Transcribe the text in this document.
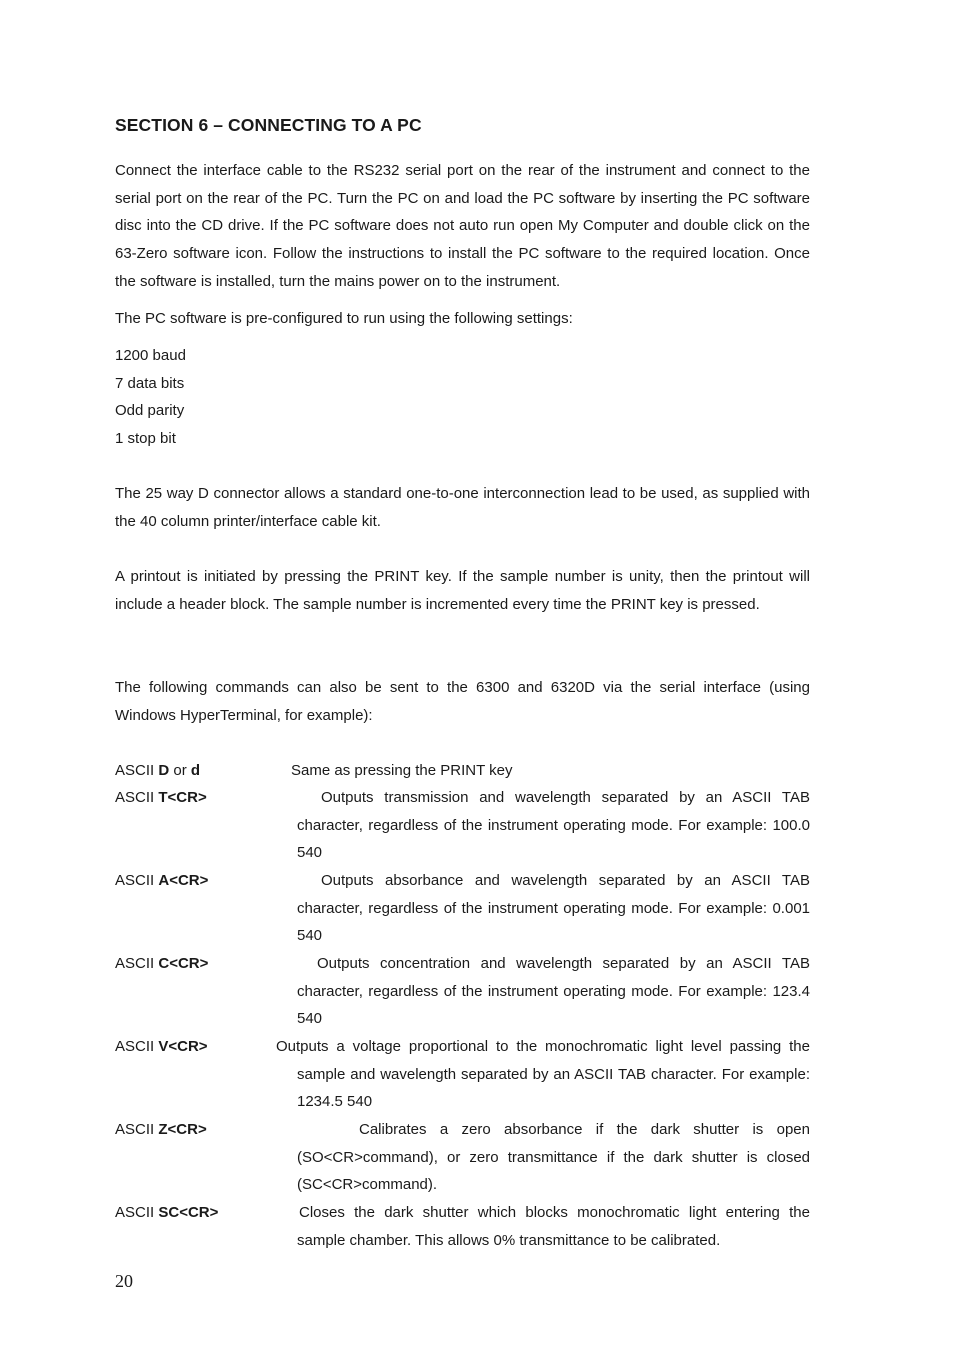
SECTION 6 – CONNECTING TO A PC

Connect the interface cable to the RS232 serial port on the rear of the instrument and connect to the serial port on the rear of the PC. Turn the PC on and load the PC software by inserting the PC software disc into the CD drive. If the PC software does not auto run open My Computer and double click on the 63-Zero software icon. Follow the instructions to install the PC software to the required location. Once the software is installed, turn the mains power on to the instrument.

The PC software is pre-configured to run using the following settings:

1200 baud

7 data bits

Odd parity

1 stop bit

The 25 way D connector allows a standard one-to-one interconnection lead to be used, as supplied with the 40 column printer/interface cable kit.

A printout is initiated by pressing the PRINT key. If the sample number is unity, then the printout will include a header block. The sample number is incremented every time the PRINT key is pressed.

The following commands can also be sent to the 6300 and 6320D via the serial interface (using Windows HyperTerminal, for example):

ASCII D or d	Same as pressing the PRINT key
ASCII T<CR>	Outputs transmission and wavelength separated by an ASCII TAB
character, regardless of the instrument operating mode. For example: 100.0 540
ASCII A<CR>	Outputs absorbance and wavelength separated by an ASCII TAB
character, regardless of the instrument operating mode. For example: 0.001 540
ASCII C<CR>	Outputs concentration and wavelength separated by an ASCII TAB
character, regardless of the instrument operating mode. For example: 123.4 540
ASCII V<CR>	Outputs a voltage proportional to the monochromatic light level passing the
sample and wavelength separated by an ASCII TAB character. For example: 1234.5 540
ASCII Z<CR>	Calibrates a zero absorbance if the dark shutter is open
(SO<CR>command), or zero transmittance if the dark shutter is closed (SC<CR>command).
ASCII SC<CR>	Closes the dark shutter which blocks monochromatic light entering the
sample chamber. This allows 0% transmittance to be calibrated.
20
